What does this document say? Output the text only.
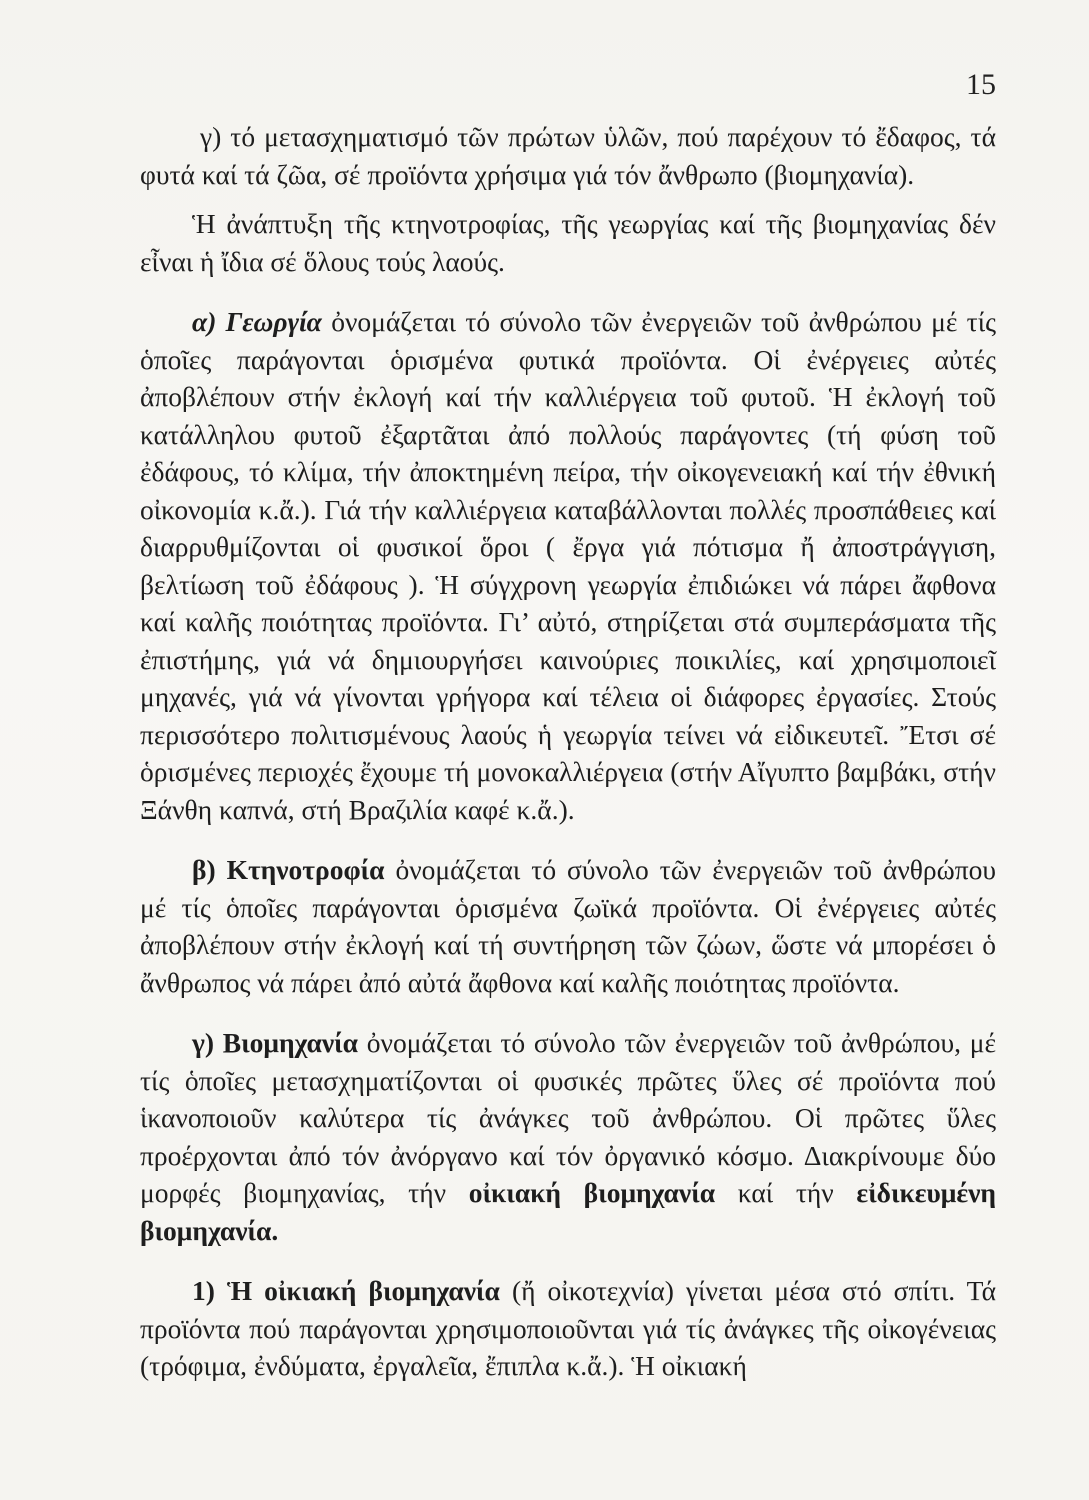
15

γ) τό μετασχηματισμό τῶν πρώτων ὑλῶν, πού παρέχουν τό ἔδαφος, τά φυτά καί τά ζῶα, σέ προϊόντα χρήσιμα γιά τόν ἄνθρωπο (βιομηχανία).

Ἡ ἀνάπτυξη τῆς κτηνοτροφίας, τῆς γεωργίας καί τῆς βιομηχανίας δέν εἶναι ἡ ἴδια σέ ὅλους τούς λαούς.

α) Γεωργία ὀνομάζεται τό σύνολο τῶν ἐνεργειῶν τοῦ ἀνθρώπου μέ τίς ὁποῖες παράγονται ὁρισμένα φυτικά προϊόντα. Οἱ ἐνέργειες αὐτές ἀποβλέπουν στήν ἐκλογή καί τήν καλλιέργεια τοῦ φυτοῦ. Ἡ ἐκλογή τοῦ κατάλληλου φυτοῦ ἐξαρτᾶται ἀπό πολλούς παράγοντες (τή φύση τοῦ ἐδάφους, τό κλίμα, τήν ἀποκτημένη πείρα, τήν οἰκογενειακή καί τήν ἐθνική οἰκονομία κ.ἄ.). Γιά τήν καλλιέργεια καταβάλλονται πολλές προσπάθειες καί διαρρυθμίζονται οἱ φυσικοί ὅροι ( ἔργα γιά πότισμα ἤ ἀποστράγγιση, βελτίωση τοῦ ἐδάφους ). Ἡ σύγχρονη γεωργία ἐπιδιώκει νά πάρει ἄφθονα καί καλῆς ποιότητας προϊόντα. Γι’ αὐτό, στηρίζεται στά συμπεράσματα τῆς ἐπιστήμης, γιά νά δημιουργήσει καινούριες ποικιλίες, καί χρησιμοποιεῖ μηχανές, γιά νά γίνονται γρήγορα καί τέλεια οἱ διάφορες ἐργασίες. Στούς περισσότερο πολιτισμένους λαούς ἡ γεωργία τείνει νά εἰδικευτεῖ. Ἔτσι σέ ὁρισμένες περιοχές ἔχουμε τή μονοκαλλιέργεια (στήν Αἴγυπτο βαμβάκι, στήν Ξάνθη καπνά, στή Βραζιλία καφέ κ.ἄ.).

β) Κτηνοτροφία ὀνομάζεται τό σύνολο τῶν ἐνεργειῶν τοῦ ἀνθρώπου μέ τίς ὁποῖες παράγονται ὁρισμένα ζωϊκά προϊόντα. Οἱ ἐνέργειες αὐτές ἀποβλέπουν στήν ἐκλογή καί τή συντήρηση τῶν ζώων, ὥστε νά μπορέσει ὁ ἄνθρωπος νά πάρει ἀπό αὐτά ἄφθονα καί καλῆς ποιότητας προϊόντα.

γ) Βιομηχανία ὀνομάζεται τό σύνολο τῶν ἐνεργειῶν τοῦ ἀνθρώπου, μέ τίς ὁποῖες μετασχηματίζονται οἱ φυσικές πρῶτες ὕλες σέ προϊόντα πού ἱκανοποιοῦν καλύτερα τίς ἀνάγκες τοῦ ἀνθρώπου. Οἱ πρῶτες ὕλες προέρχονται ἀπό τόν ἀνόργανο καί τόν ὀργανικό κόσμο. Διακρίνουμε δύο μορφές βιομηχανίας, τήν οἰκιακή βιομηχανία καί τήν εἰδικευμένη βιομηχανία.

1) Ἡ οἰκιακή βιομηχανία (ἤ οἰκοτεχνία) γίνεται μέσα στό σπίτι. Τά προϊόντα πού παράγονται χρησιμοποιοῦνται γιά τίς ἀνάγκες τῆς οἰκογένειας (τρόφιμα, ἐνδύματα, ἐργαλεῖα, ἔπιπλα κ.ἄ.). Ἡ οἰκιακή
